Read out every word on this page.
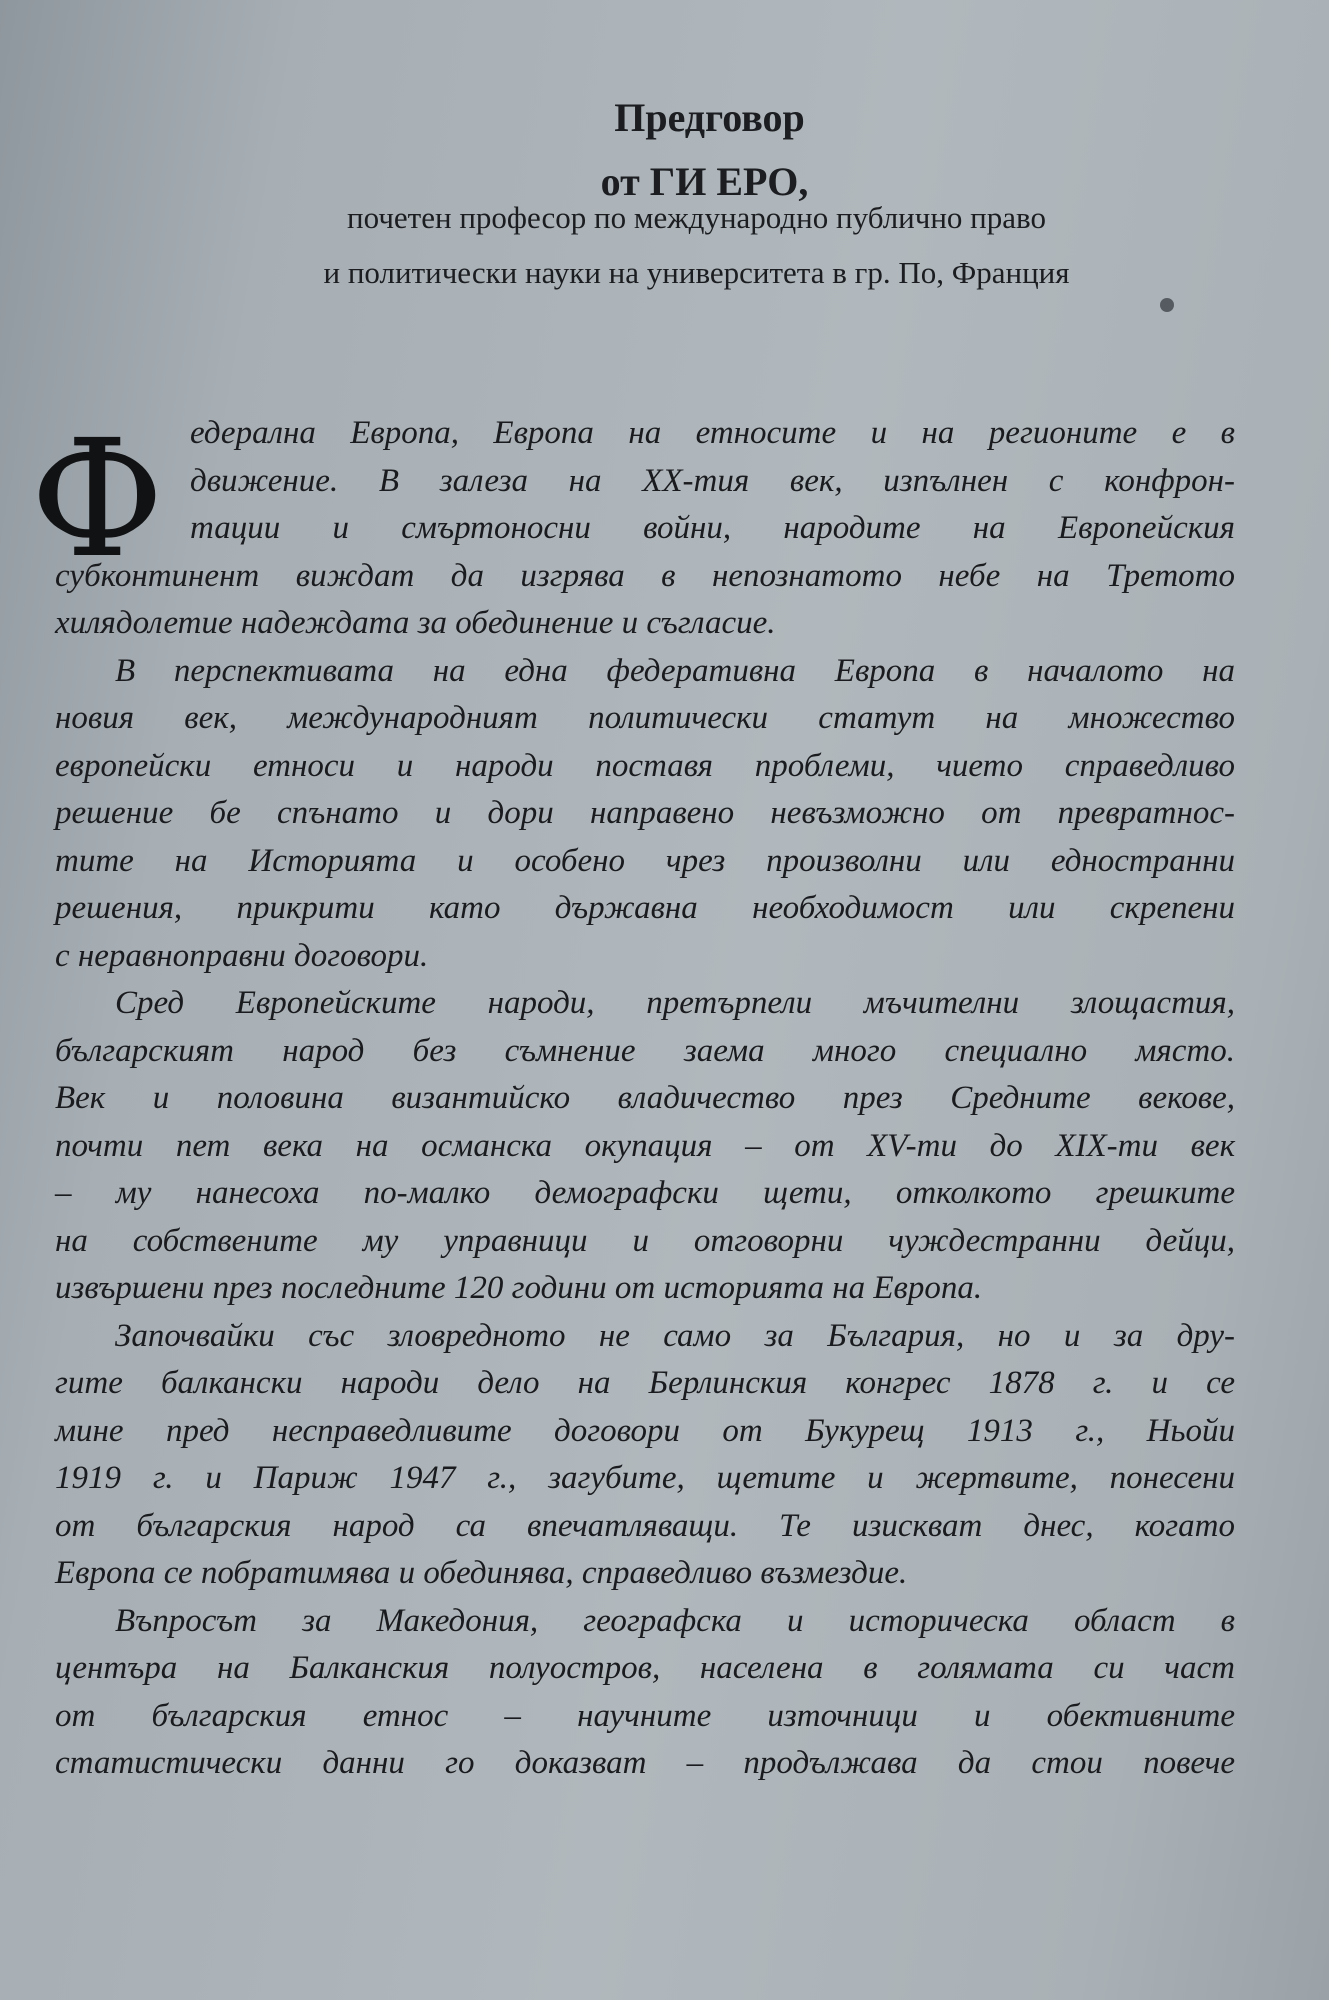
Предговор
от ГИ ЕРО,
почетен професор по международно публично право
и политически науки на университета в гр. По, Франция
Ф едерална Европа, Европа на етносите и на регионите е в
движение. В залеза на XX-тия век, изпълнен с конфрон-
тации и смъртоносни войни, народите на Европейския
субконтинент виждат да изгрява в непознатото небе на Третото
хилядолетие надеждата за обединение и съгласие.
В перспективата на една федеративна Европа в началото на
новия век, международният политически статут на множество
европейски етноси и народи поставя проблеми, чието справедливо
решение бе спънато и дори направено невъзможно от превратнос-
тите на Историята и особено чрез произволни или едностранни
решения, прикрити като държавна необходимост или скрепени
с неравноправни договори.
Сред Европейските народи, претърпели мъчителни злощастия,
българският народ без съмнение заема много специално място.
Век и половина византийско владичество през Средните векове,
почти пет века на османска окупация – от XV-ти до XIX-ти век
– му нанесоха по-малко демографски щети, отколкото грешките
на собствените му управници и отговорни чуждестранни дейци,
извършени през последните 120 години от историята на Европа.
Започвайки със зловредното не само за България, но и за дру-
гите балкански народи дело на Берлинския конгрес 1878 г. и се
мине пред несправедливите договори от Букурещ 1913 г., Ньойи
1919 г. и Париж 1947 г., загубите, щетите и жертвите, понесени
от българския народ са впечатляващи. Те изискват днес, когато
Европа се побратимява и обединява, справедливо възмездие.
Въпросът за Македония, географска и историческа област в
центъра на Балканския полуостров, населена в голямата си част
от българския етнос – научните източници и обективните
статистически данни го доказват – продължава да стои повече
